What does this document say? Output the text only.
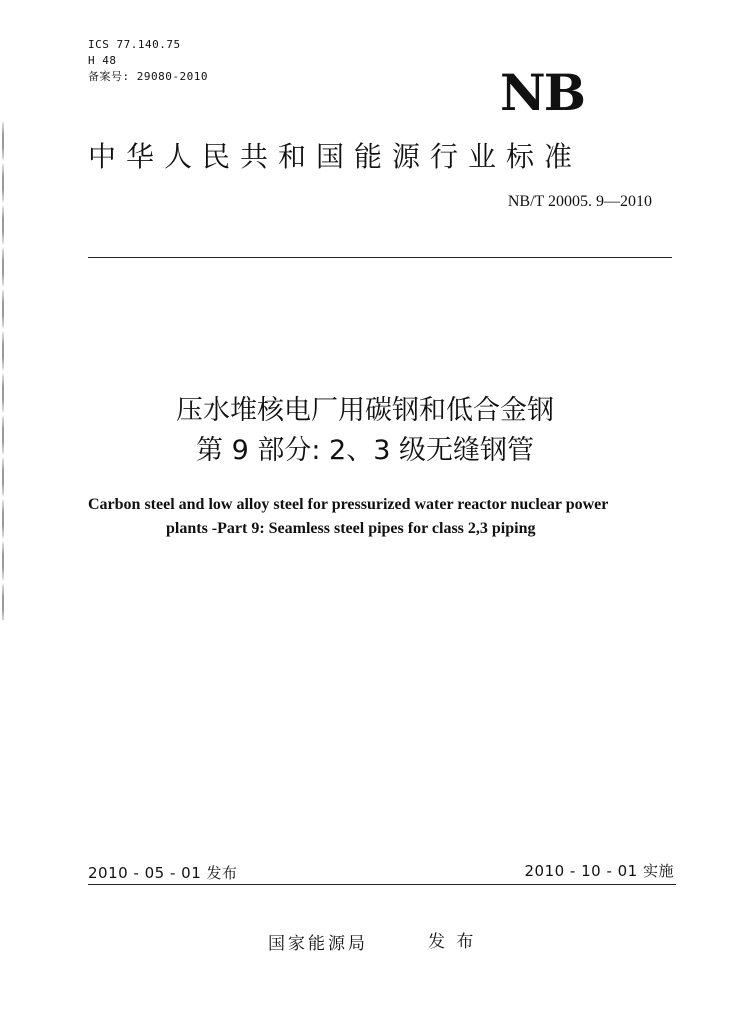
ICS 77.140.75
H 48
备案号: 29080-2010	NB
中华人民共和国能源行业标准
NB/T 20005. 9—2010
压水堆核电厂用碳钢和低合金钢
第 9 部分: 2、3 级无缝钢管
Carbon steel and low alloy steel for pressurized water reactor nuclear power
plants -Part 9: Seamless steel pipes for class 2,3 piping
2010 - 05 - 01 发布	2010 - 10 - 01 实施
国家能源局	发 布
